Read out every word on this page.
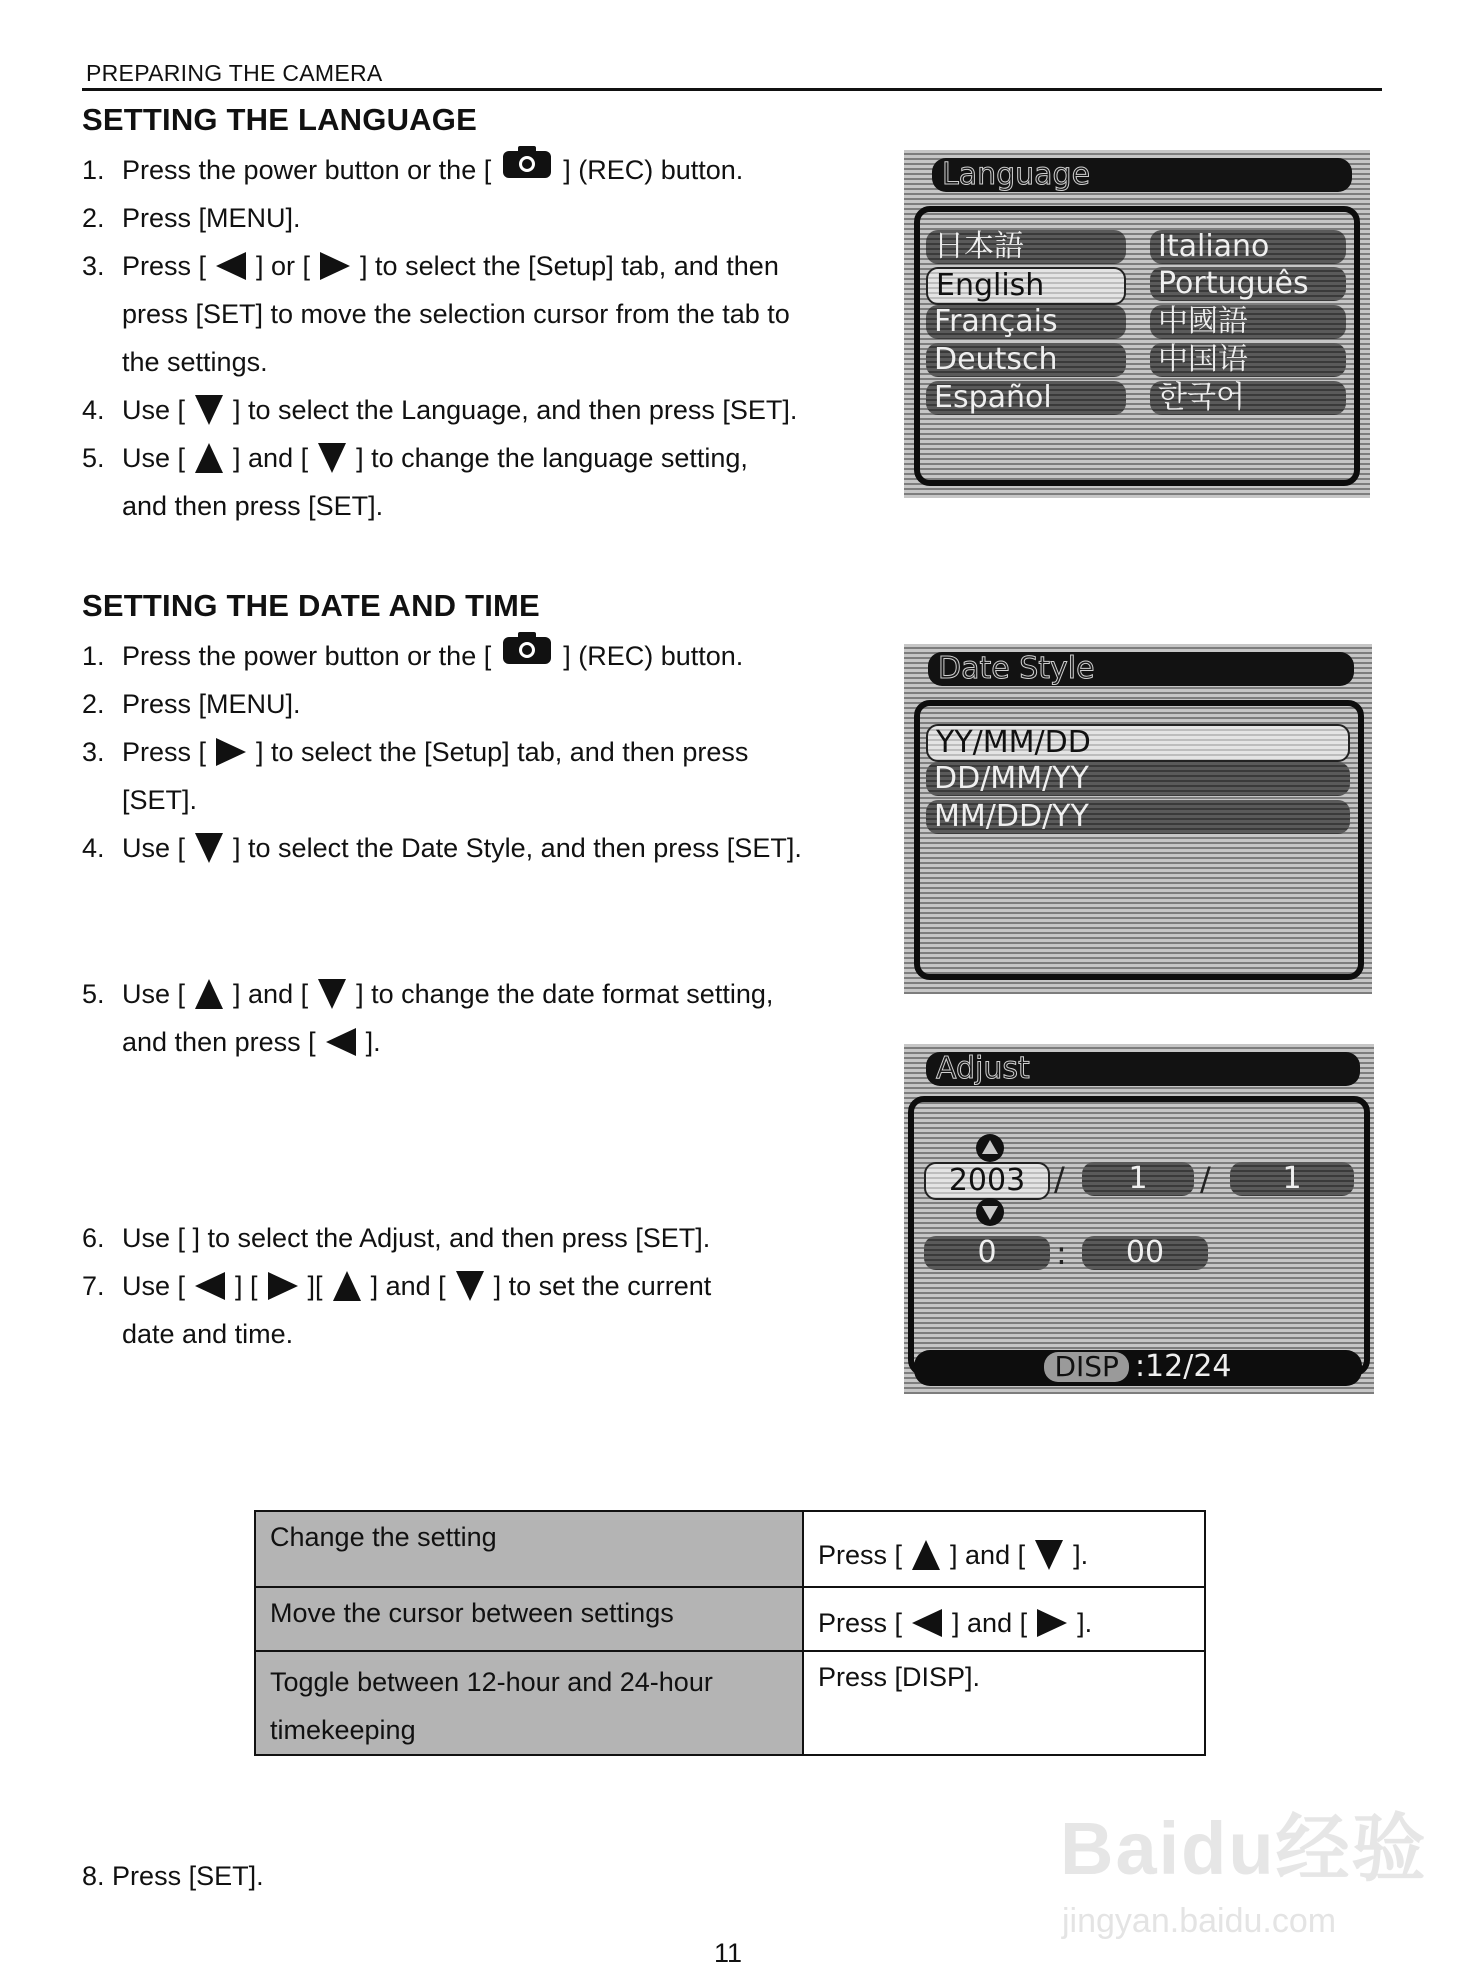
PREPARING THE CAMERA
SETTING THE LANGUAGE
1. Press the power button or the [	] (REC) button.
2. Press [MENU].
3. Press [ ] or [ ] to select the [Setup] tab, and then
press [SET] to move the selection cursor from the tab to
the settings.
4. Use [ ] to select the Language, and then press [SET].
5. Use [ ] and [ ] to change the language setting,
and then press [SET].
Language
日本語	Italiano
English	Português
Français	中國語
Deutsch	中国语
Español	한국어
SETTING THE DATE AND TIME
1. Press the power button or the [	] (REC) button.
2. Press [MENU].
3. Press [ ] to select the [Setup] tab, and then press
[SET].
4. Use [ ] to select the Date Style, and then press [SET].
5. Use [ ] and [ ] to change the date format setting,
and then press [ ].
6. Use [ ] to select the Adjust, and then press [SET].
7. Use [ ] [ ][ ] and [ ] to set the current
date and time.
Date Style
YY/MM/DD
DD/MM/YY
MM/DD/YY
Adjust
2003 /	1	/	1
0	:	00
DISP :12/24
Change the setting	Press [ ] and [ ].
Move the cursor between settings	Press [ ] and [ ].
Toggle between 12-hour and 24-hour timekeeping	Press [DISP].
8. Press [SET].
11
Baidu经验
jingyan.baidu.com
